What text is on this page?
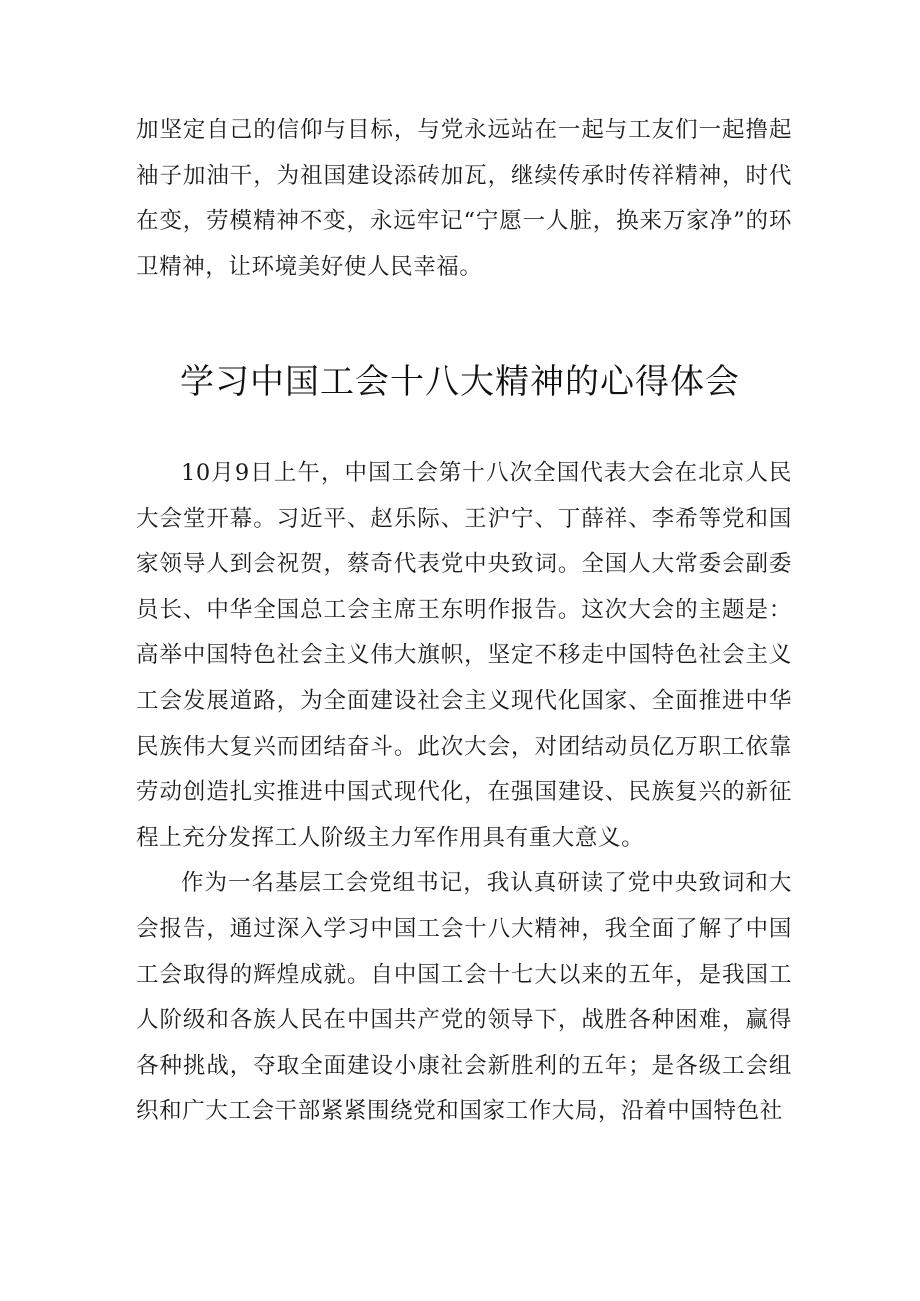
加坚定自己的信仰与目标，与党永远站在一起与工友们一起撸起袖子加油干，为祖国建设添砖加瓦，继续传承时传祥精神，时代在变，劳模精神不变，永远牢记“宁愿一人脏，换来万家净”的环卫精神，让环境美好使人民幸福。

学习中国工会十八大精神的心得体会

10月9日上午，中国工会第十八次全国代表大会在北京人民大会堂开幕。习近平、赵乐际、王沪宁、丁薛祥、李希等党和国家领导人到会祝贺，蔡奇代表党中央致词。全国人大常委会副委员长、中华全国总工会主席王东明作报告。这次大会的主题是：高举中国特色社会主义伟大旗帜，坚定不移走中国特色社会主义工会发展道路，为全面建设社会主义现代化国家、全面推进中华民族伟大复兴而团结奋斗。此次大会，对团结动员亿万职工依靠劳动创造扎实推进中国式现代化，在强国建设、民族复兴的新征程上充分发挥工人阶级主力军作用具有重大意义。

作为一名基层工会党组书记，我认真研读了党中央致词和大会报告，通过深入学习中国工会十八大精神，我全面了解了中国工会取得的辉煌成就。自中国工会十七大以来的五年，是我国工人阶级和各族人民在中国共产党的领导下，战胜各种困难，赢得各种挑战，夺取全面建设小康社会新胜利的五年；是各级工会组织和广大工会干部紧紧围绕党和国家工作大局，沿着中国特色社
